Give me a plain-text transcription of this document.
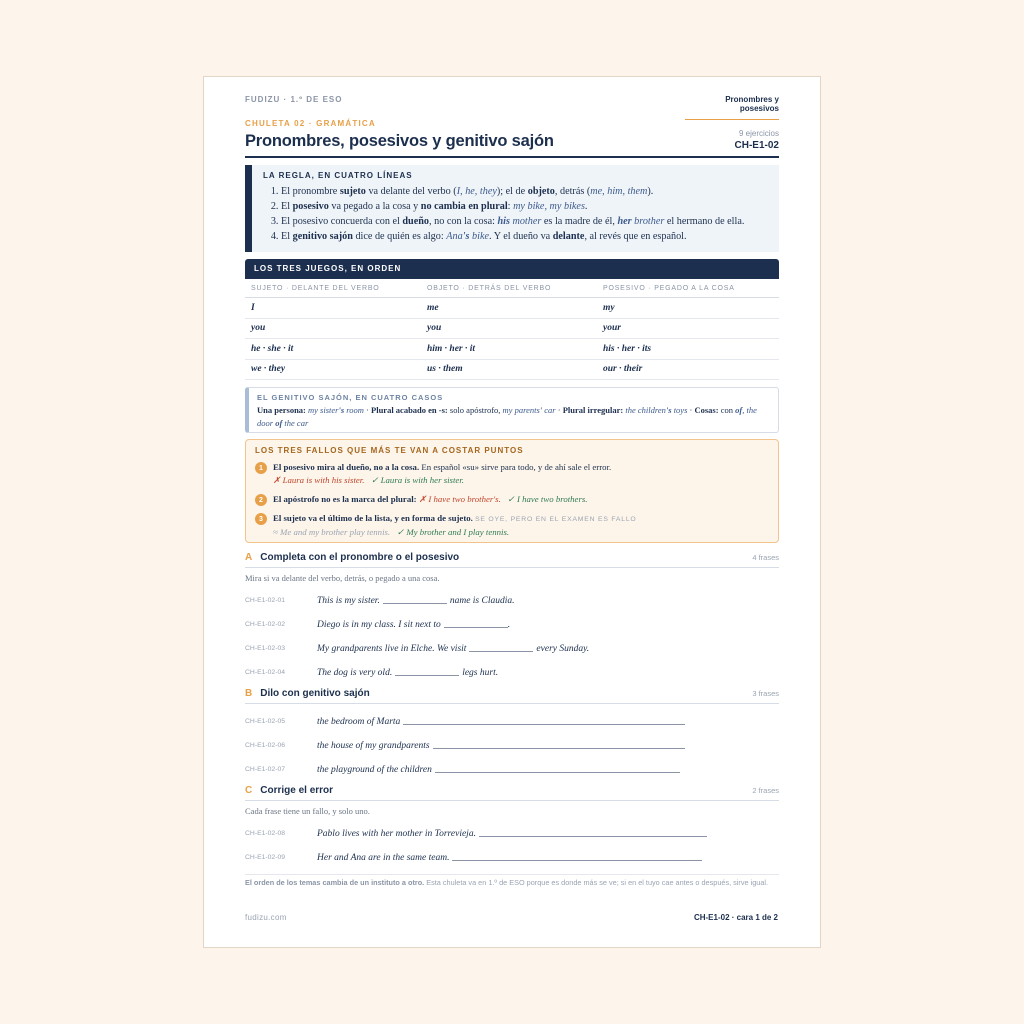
FUDIZU · 1.º DE ESO	Pronombres y posesivos
CHULETA 02 · GRAMÁTICA
Pronombres, posesivos y genitivo sajón	9 ejercicios
CH-E1-02
LA REGLA, EN CUATRO LÍNEAS
1. El pronombre sujeto va delante del verbo (I, he, they); el de objeto, detrás (me, him, them).
2. El posesivo va pegado a la cosa y no cambia en plural: my bike, my bikes.
3. El posesivo concuerda con el dueño, no con la cosa: his mother es la madre de él, her brother el hermano de ella.
4. El genitivo sajón dice de quién es algo: Ana's bike. Y el dueño va delante, al revés que en español.
LOS TRES JUEGOS, EN ORDEN
SUJETO · DELANTE DEL VERBO	OBJETO · DETRÁS DEL VERBO	POSESIVO · PEGADO A LA COSA
I	me	my
you	you	your
he · she · it	him · her · it	his · her · its
we · they	us · them	our · their
EL GENITIVO SAJÓN, EN CUATRO CASOS

Una persona: my sister's room · Plural acabado en -s: solo apóstrofo, my parents' car · Plural irregular: the children's toys · Cosas: con of, the door of the car

LOS TRES FALLOS QUE MÁS TE VAN A COSTAR PUNTOS
1	El posesivo mira al dueño, no a la cosa. En español «su» sirve para todo, y de ahí sale el error.
✗ Laura is with his sister. ✓ Laura is with her sister.
2	El apóstrofo no es la marca del plural: ✗ I have two brother's. ✓ I have two brothers.
3	El sujeto va el último de la lista, y en forma de sujeto. SE OYE, PERO EN EL EXAMEN ES FALLO
≈ Me and my brother play tennis. ✓ My brother and I play tennis.
A Completa con el pronombre o el posesivo	4 frases
Mira si va delante del verbo, detrás, o pegado a una cosa.
CH-E1-02-01	This is my sister.	name is Claudia.
CH-E1-02-02	Diego is in my class. I sit next to	.
CH-E1-02-03	My grandparents live in Elche. We visit	every Sunday.
CH-E1-02-04	The dog is very old.	legs hurt.
B Dilo con genitivo sajón	3 frases
CH-E1-02-05	the bedroom of Marta
CH-E1-02-06	the house of my grandparents
CH-E1-02-07	the playground of the children
C Corrige el error	2 frases
Cada frase tiene un fallo, y solo uno.
CH-E1-02-08	Pablo lives with her mother in Torrevieja.
CH-E1-02-09	Her and Ana are in the same team.
El orden de los temas cambia de un instituto a otro. Esta chuleta va en 1.º de ESO porque es donde más se ve; si en el tuyo cae antes o después, sirve igual.
fudizu.com	CH-E1-02 · cara 1 de 2
